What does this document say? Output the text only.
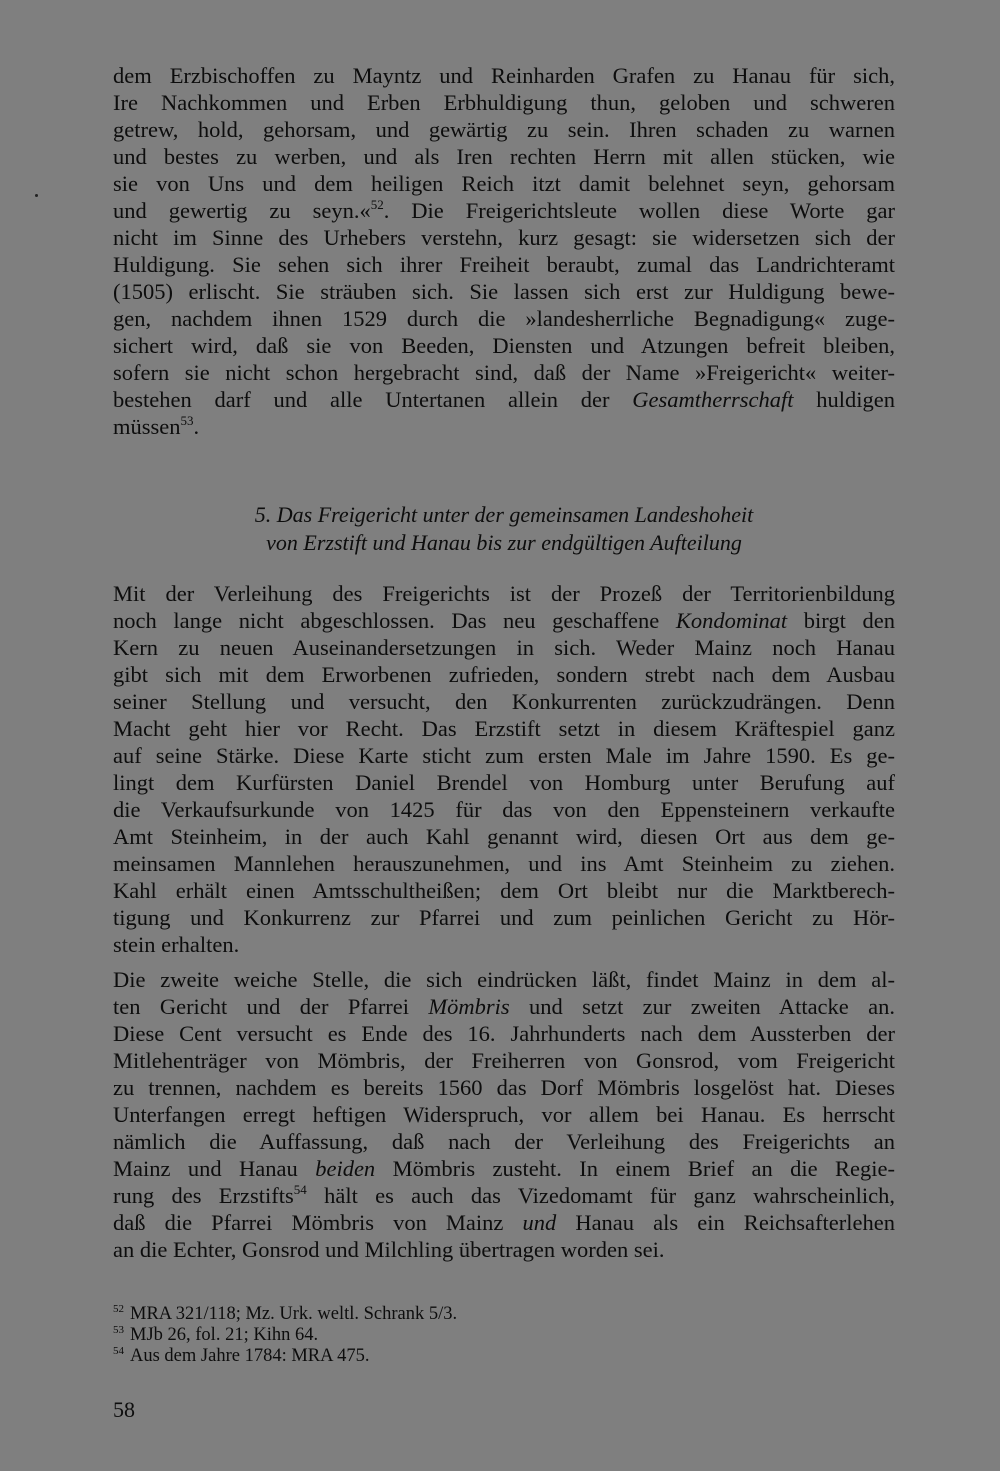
dem Erzbischoffen zu Mayntz und Reinharden Grafen zu Hanau für sich,
Ire Nachkommen und Erben Erbhuldigung thun, geloben und schweren
getrew, hold, gehorsam, und gewärtig zu sein. Ihren schaden zu warnen
und bestes zu werben, und als Iren rechten Herrn mit allen stücken, wie
sie von Uns und dem heiligen Reich itzt damit belehnet seyn, gehorsam
und gewertig zu seyn.«$^{52}$. Die Freigerichtsleute wollen diese Worte gar
nicht im Sinne des Urhebers verstehn, kurz gesagt: sie widersetzen sich der
Huldigung. Sie sehen sich ihrer Freiheit beraubt, zumal das Landrichteramt
(1505) erlischt. Sie sträuben sich. Sie lassen sich erst zur Huldigung bewe-
gen, nachdem ihnen 1529 durch die »landesherrliche Begnadigung« zuge-
sichert wird, daß sie von Beeden, Diensten und Atzungen befreit bleiben,
sofern sie nicht schon hergebracht sind, daß der Name »Freigericht« weiter-
bestehen darf und alle Untertanen allein der Gesamtherrschaft huldigen
müssen$^{53}$.
5. Das Freigericht unter der gemeinsamen Landeshoheit
von Erzstift und Hanau bis zur endgültigen Aufteilung
Mit der Verleihung des Freigerichts ist der Prozeß der Territorienbildung
noch lange nicht abgeschlossen. Das neu geschaffene Kondominat birgt den
Kern zu neuen Auseinandersetzungen in sich. Weder Mainz noch Hanau
gibt sich mit dem Erworbenen zufrieden, sondern strebt nach dem Ausbau
seiner Stellung und versucht, den Konkurrenten zurückzudrängen. Denn
Macht geht hier vor Recht. Das Erzstift setzt in diesem Kräftespiel ganz
auf seine Stärke. Diese Karte sticht zum ersten Male im Jahre 1590. Es ge-
lingt dem Kurfürsten Daniel Brendel von Homburg unter Berufung auf
die Verkaufsurkunde von 1425 für das von den Eppensteinern verkaufte
Amt Steinheim, in der auch Kahl genannt wird, diesen Ort aus dem ge-
meinsamen Mannlehen herauszunehmen, und ins Amt Steinheim zu ziehen.
Kahl erhält einen Amtsschultheißen; dem Ort bleibt nur die Marktberech-
tigung und Konkurrenz zur Pfarrei und zum peinlichen Gericht zu Hör-
stein erhalten.
Die zweite weiche Stelle, die sich eindrücken läßt, findet Mainz in dem al-
ten Gericht und der Pfarrei Mömbris und setzt zur zweiten Attacke an.
Diese Cent versucht es Ende des 16. Jahrhunderts nach dem Aussterben der
Mitlehenträger von Mömbris, der Freiherren von Gonsrod, vom Freigericht
zu trennen, nachdem es bereits 1560 das Dorf Mömbris losgelöst hat. Dieses
Unterfangen erregt heftigen Widerspruch, vor allem bei Hanau. Es herrscht
nämlich die Auffassung, daß nach der Verleihung des Freigerichts an
Mainz und Hanau beiden Mömbris zusteht. In einem Brief an die Regie-
rung des Erzstifts$^{54}$ hält es auch das Vizedomamt für ganz wahrscheinlich,
daß die Pfarrei Mömbris von Mainz und Hanau als ein Reichsafterlehen
an die Echter, Gonsrod und Milchling übertragen worden sei.
$^{52}$ MRA 321/118; Mz. Urk. weltl. Schrank 5/3.
$^{53}$ MJb 26, fol. 21; Kihn 64.
$^{54}$ Aus dem Jahre 1784: MRA 475.
58
